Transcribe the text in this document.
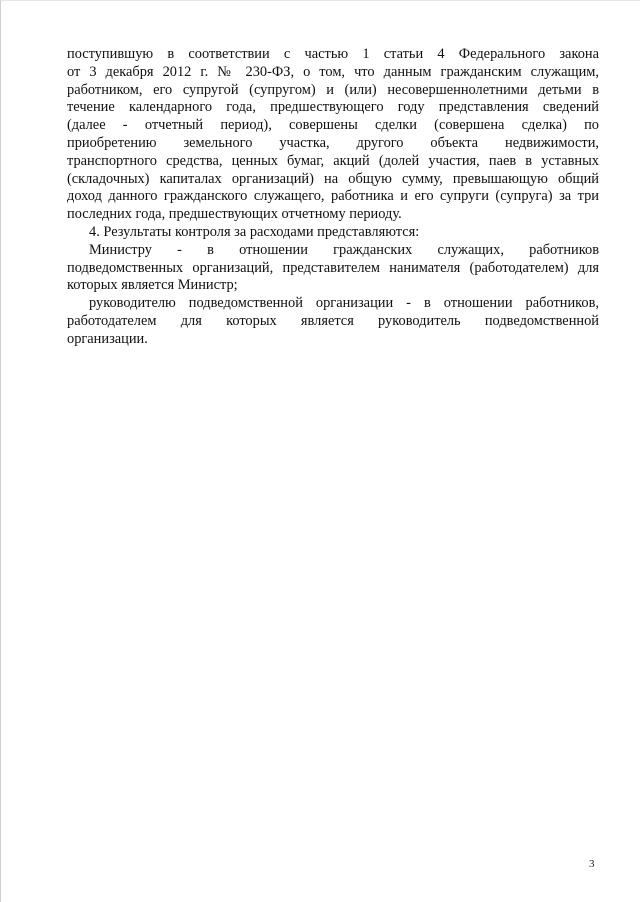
поступившую в соответствии с частью 1 статьи 4 Федерального закона
от 3 декабря 2012 г. № 230-ФЗ, о том, что данным гражданским служащим,
работником, его супругой (супругом) и (или) несовершеннолетними детьми в
течение календарного года, предшествующего году представления сведений
(далее - отчетный период), совершены сделки (совершена сделка) по
приобретению земельного участка, другого объекта недвижимости,
транспортного средства, ценных бумаг, акций (долей участия, паев в уставных
(складочных) капиталах организаций) на общую сумму, превышающую общий
доход данного гражданского служащего, работника и его супруги (супруга) за три
последних года, предшествующих отчетному периоду.
4. Результаты контроля за расходами представляются:
Министру - в отношении гражданских служащих, работников
подведомственных организаций, представителем нанимателя (работодателем) для
которых является Министр;
руководителю подведомственной организации - в отношении работников,
работодателем для которых является руководитель подведомственной
организации.
3
